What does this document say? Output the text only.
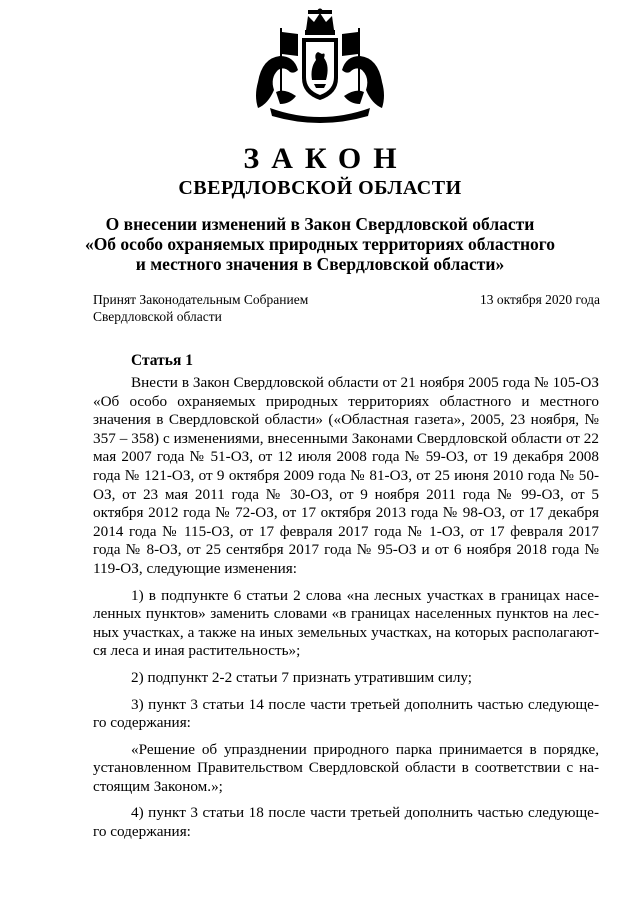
ЗАКОН
СВЕРДЛОВСКОЙ ОБЛАСТИ
О внесении изменений в Закон Свердловской области
«Об особо охраняемых природных территориях областного
и местного значения в Свердловской области»
Принят Законодательным Собранием
Свердловской области
13 октября 2020 года
Статья 1

Внести в Закон Свердловской области от 21 ноября 2005 года № 105-ОЗ «Об особо охраняемых природных территориях областного и местного значения в Свердловской области» («Областная газета», 2005, 23 ноября, № 357 – 358) с изменениями, внесенными Законами Свердловской области от 22 мая 2007 года № 51-ОЗ, от 12 июля 2008 года № 59-ОЗ, от 19 декабря 2008 года № 121-ОЗ, от 9 октября 2009 года № 81-ОЗ, от 25 июня 2010 года № 50-ОЗ, от 23 мая 2011 года № 30-ОЗ, от 9 ноября 2011 года № 99-ОЗ, от 5 октября 2012 года № 72-ОЗ, от 17 октября 2013 года № 98-ОЗ, от 17 декабря 2014 года № 115-ОЗ, от 17 февраля 2017 года № 1-ОЗ, от 17 февраля 2017 года № 8-ОЗ, от 25 сентября 2017 года № 95-ОЗ и от 6 ноября 2018 года № 119-ОЗ, следующие изменения:

1) в подпункте 6 статьи 2 слова «на лесных участках в границах населенных пунктов» заменить словами «в границах населенных пунктов на лесных участках, а также на иных земельных участках, на которых располагаются леса и иная растительность»;

2) подпункт 2-2 статьи 7 признать утратившим силу;

3) пункт 3 статьи 14 после части третьей дополнить частью следующего содержания:

«Решение об упразднении природного парка принимается в порядке, установленном Правительством Свердловской области в соответствии с настоящим Законом.»;

4) пункт 3 статьи 18 после части третьей дополнить частью следующего содержания:
